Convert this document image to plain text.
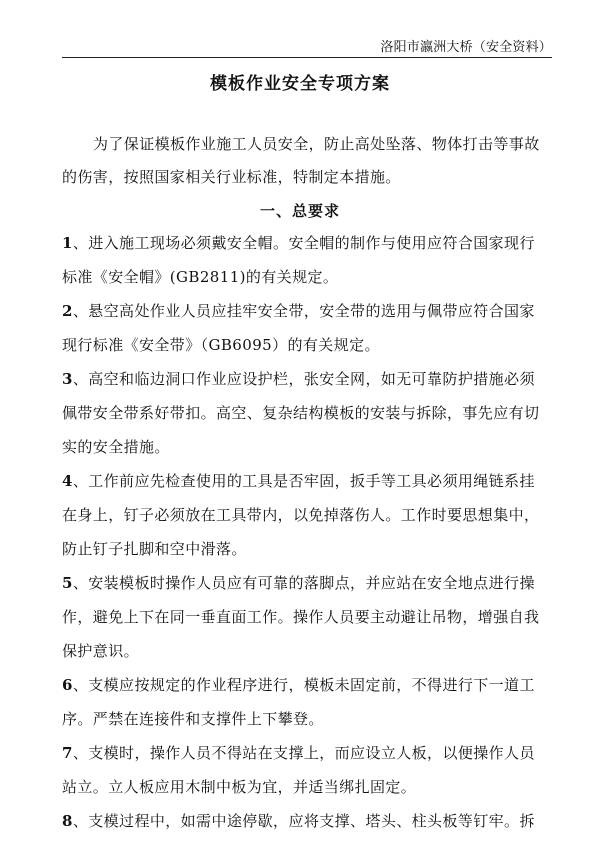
洛阳市瀛洲大桥（安全资料）
模板作业安全专项方案
为了保证模板作业施工人员安全，防止高处坠落、物体打击等事故的伤害，按照国家相关行业标准，特制定本措施。
一、总要求
1、进入施工现场必须戴安全帽。安全帽的制作与使用应符合国家现行标准《安全帽》(GB2811)的有关规定。
2、悬空高处作业人员应挂牢安全带，安全带的选用与佩带应符合国家现行标准《安全带》（GB6095）的有关规定。
3、高空和临边洞口作业应设护栏，张安全网，如无可靠防护措施必须佩带安全带系好带扣。高空、复杂结构模板的安装与拆除，事先应有切实的安全措施。
4、工作前应先检查使用的工具是否牢固，扳手等工具必须用绳链系挂在身上，钉子必须放在工具带内，以免掉落伤人。工作时要思想集中，防止钉子扎脚和空中滑落。
5、安装模板时操作人员应有可靠的落脚点，并应站在安全地点进行操作，避免上下在同一垂直面工作。操作人员要主动避让吊物，增强自我保护意识。
6、支模应按规定的作业程序进行，模板未固定前，不得进行下一道工序。严禁在连接件和支撑件上下攀登。
7、支模时，操作人员不得站在支撑上，而应设立人板，以便操作人员站立。立人板应用木制中板为宜，并适当绑扎固定。
8、支模过程中，如需中途停歇，应将支撑、塔头、柱头板等钉牢。拆
